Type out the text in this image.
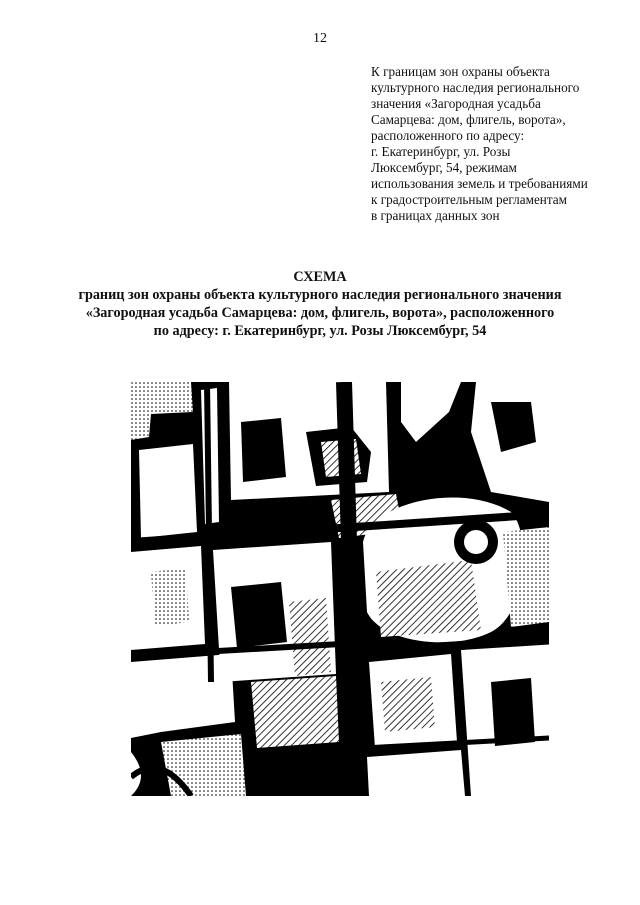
12
К границам зон охраны объекта
культурного наследия регионального
значения «Загородная усадьба
Самарцева: дом, флигель, ворота»,
расположенного по адресу:
г. Екатеринбург, ул. Розы
Люксембург, 54, режимам
использования земель и требованиями
к градостроительным регламентам
в границах данных зон
СХЕМА
границ зон охраны объекта культурного наследия регионального значения
«Загородная усадьба Самарцева: дом, флигель, ворота», расположенного
по адресу: г. Екатеринбург, ул. Розы Люксембург, 54
